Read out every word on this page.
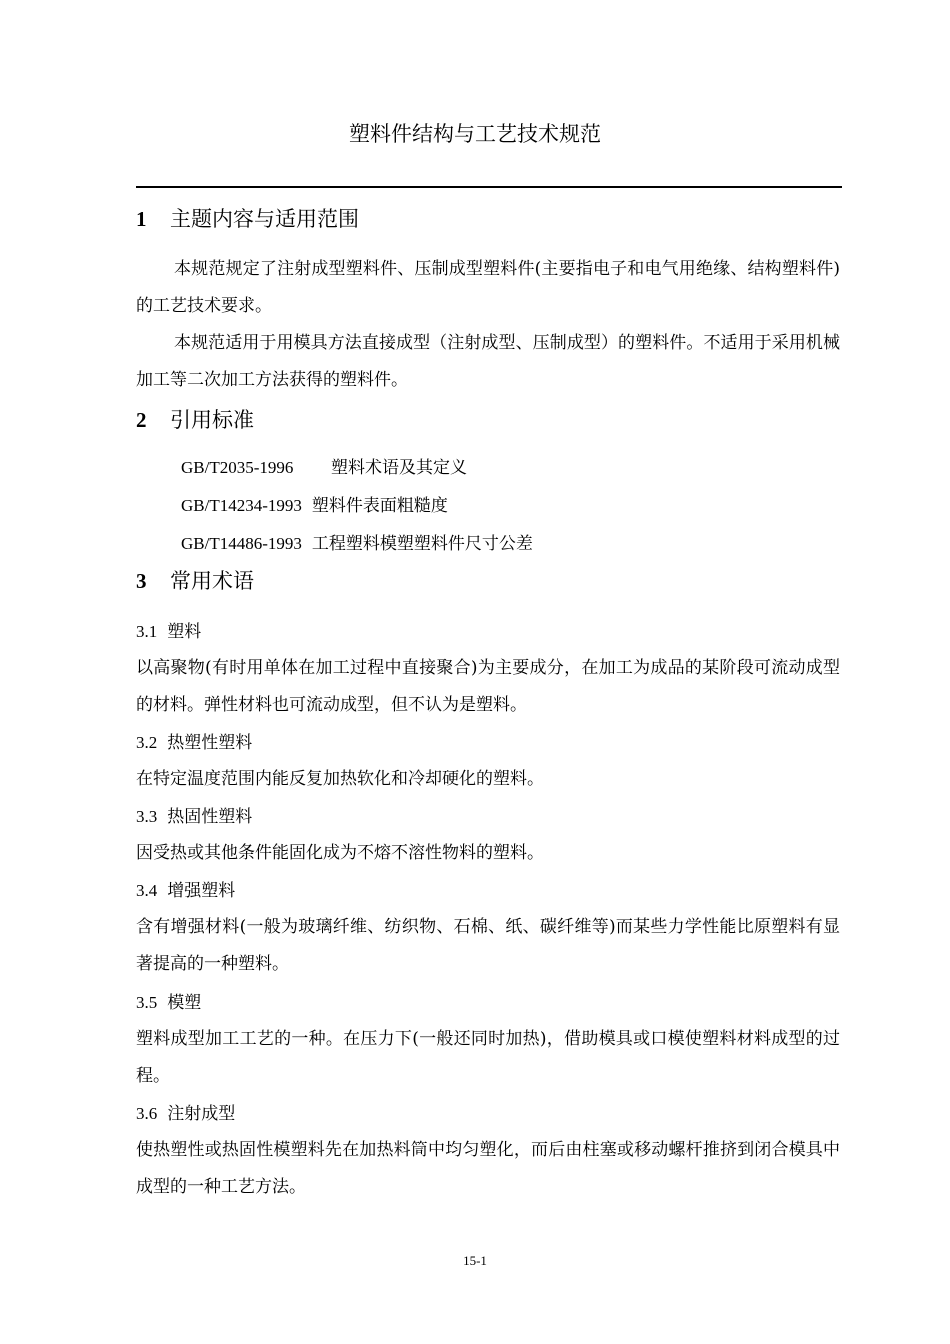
塑料件结构与工艺技术规范
1 主题内容与适用范围
本规范规定了注射成型塑料件、压制成型塑料件(主要指电子和电气用绝缘、结构塑料件)的工艺技术要求。
本规范适用于用模具方法直接成型（注射成型、压制成型）的塑料件。不适用于采用机械加工等二次加工方法获得的塑料件。
2 引用标准
GB/T2035-1996 塑料术语及其定义
GB/T14234-1993 塑料件表面粗糙度
GB/T14486-1993 工程塑料模塑塑料件尺寸公差
3 常用术语
3.1 塑料
以高聚物(有时用单体在加工过程中直接聚合)为主要成分，在加工为成品的某阶段可流动成型的材料。弹性材料也可流动成型，但不认为是塑料。
3.2 热塑性塑料
在特定温度范围内能反复加热软化和冷却硬化的塑料。
3.3 热固性塑料
因受热或其他条件能固化成为不熔不溶性物料的塑料。
3.4 增强塑料
含有增强材料(一般为玻璃纤维、纺织物、石棉、纸、碳纤维等)而某些力学性能比原塑料有显著提高的一种塑料。
3.5 模塑
塑料成型加工工艺的一种。在压力下(一般还同时加热)，借助模具或口模使塑料材料成型的过程。
3.6 注射成型
使热塑性或热固性模塑料先在加热料筒中均匀塑化，而后由柱塞或移动螺杆推挤到闭合模具中成型的一种工艺方法。
15-1
